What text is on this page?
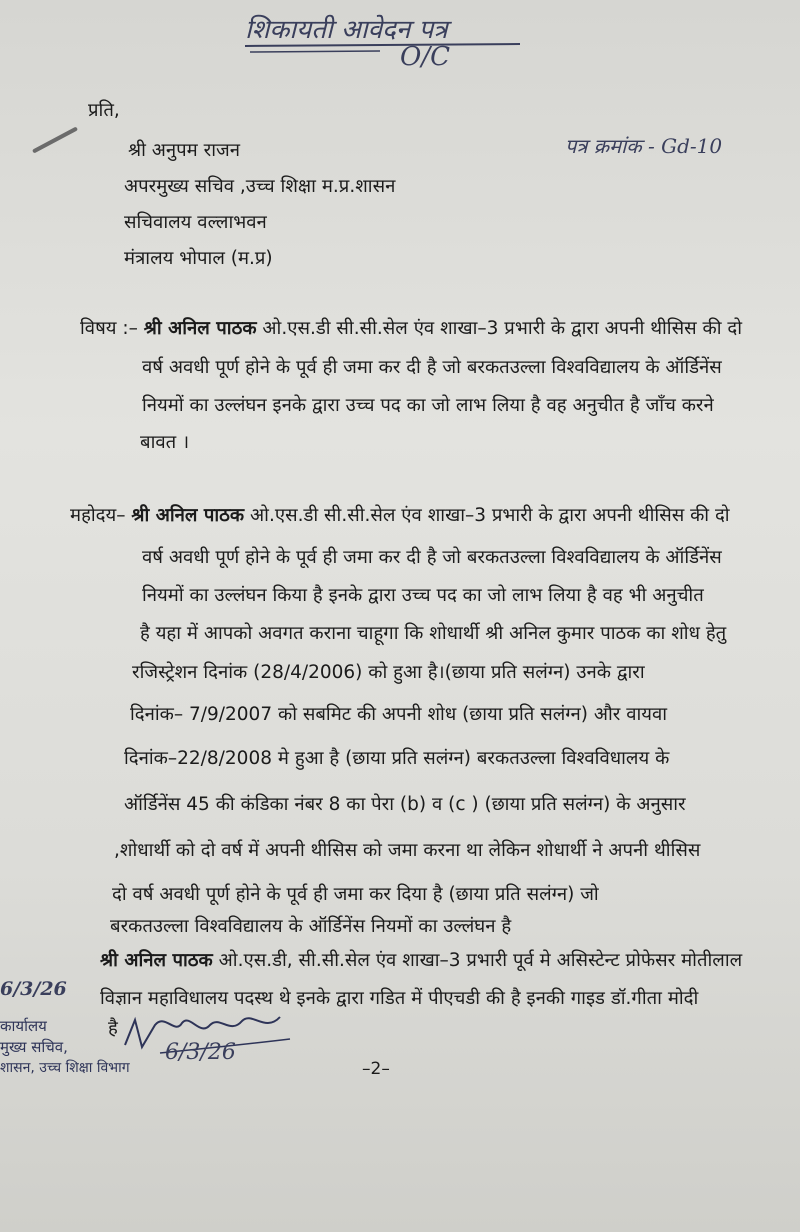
शिकायती आवेदन पत्र
O/C
पत्र क्रमांक - Gd-10
प्रति,
श्री अनुपम राजन
अपरमुख्य सचिव ,उच्च शिक्षा म.प्र.शासन
सचिवालय वल्लाभवन
मंत्रालय भोपाल (म.प्र)
विषय :– श्री अनिल पाठक ओ.एस.डी सी.सी.सेल एंव शाखा–3 प्रभारी के द्वारा अपनी थीसिस की दो
वर्ष अवधी पूर्ण होने के पूर्व ही जमा कर दी है जो बरकतउल्ला विश्वविद्यालय के ऑर्डिनेंस
नियमों का उल्लंघन इनके द्वारा उच्च पद का जो लाभ लिया है वह अनुचीत है जाँच करने
बावत ।
महोदय– श्री अनिल पाठक ओ.एस.डी सी.सी.सेल एंव शाखा–3 प्रभारी के द्वारा अपनी थीसिस की दो
वर्ष अवधी पूर्ण होने के पूर्व ही जमा कर दी है जो बरकतउल्ला विश्वविद्यालय के ऑर्डिनेंस
नियमों का उल्लंघन किया है इनके द्वारा उच्च पद का जो लाभ लिया है वह भी अनुचीत
है यहा में आपको अवगत कराना चाहूगा कि शोधार्थी श्री अनिल कुमार पाठक का शोध हेतु
रजिस्ट्रेशन दिनांक (28/4/2006) को हुआ है।(छाया प्रति सलंग्न) उनके द्वारा
दिनांक– 7/9/2007 को सबमिट की अपनी शोध (छाया प्रति सलंग्न) और वायवा
दिनांक–22/8/2008 मे हुआ है (छाया प्रति सलंग्न) बरकतउल्ला विश्वविधालय के
ऑर्डिनेंस 45 की कंडिका नंबर 8 का पेरा (b) व (c ) (छाया प्रति सलंग्न) के अनुसार
,शोधार्थी को दो वर्ष में अपनी थीसिस को जमा करना था लेकिन शोधार्थी ने अपनी थीसिस
दो वर्ष अवधी पूर्ण होने के पूर्व ही जमा कर दिया है (छाया प्रति सलंग्न) जो
बरकतउल्ला विश्वविद्यालय के ऑर्डिनेंस नियमों का उल्लंघन है
श्री अनिल पाठक ओ.एस.डी, सी.सी.सेल एंव शाखा–3 प्रभारी पूर्व मे असिस्टेन्ट प्रोफेसर मोतीलाल
विज्ञान महाविधालय पदस्थ थे इनके द्वारा गडित में पीएचडी की है इनकी गाइड डॉ.गीता मोदी
है
6/3/26
कार्यालय
मुख्य सचिव,
शासन, उच्च शिक्षा विभाग
6/3/26
–2–
